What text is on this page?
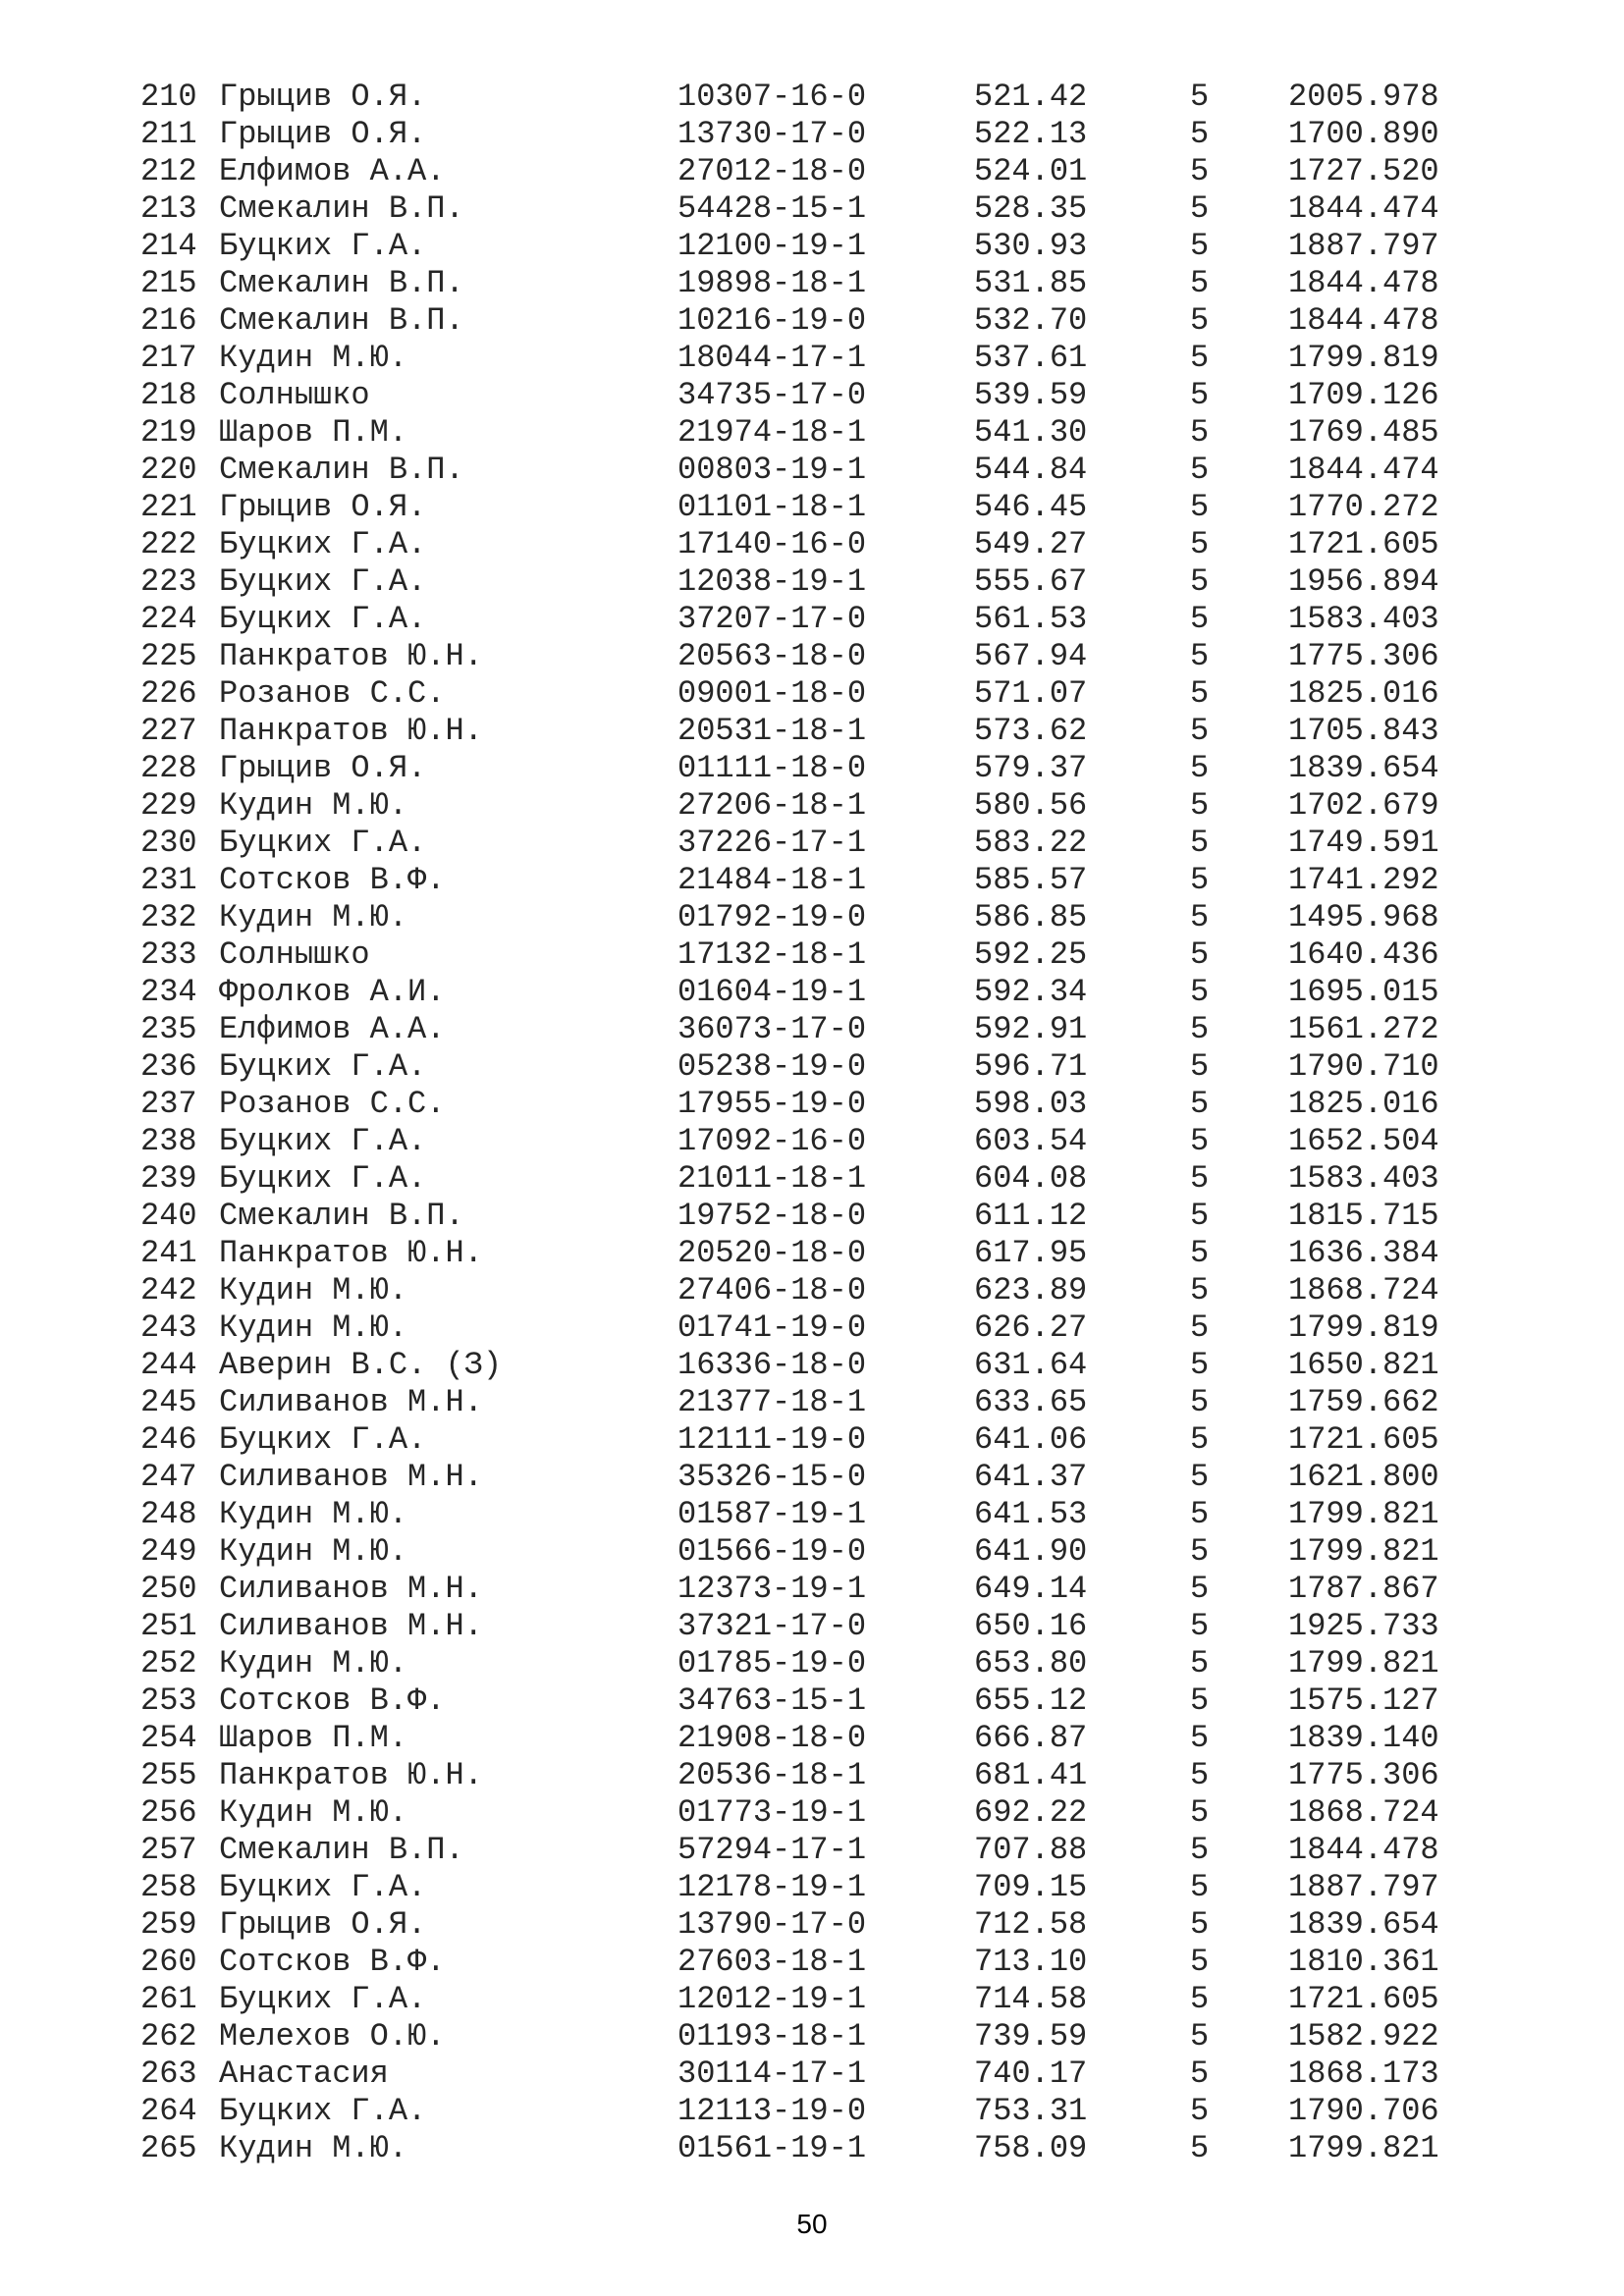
210 Грыцив О.Я.	10307-16-0	521.42	5	2005.978
211 Грыцив О.Я.	13730-17-0	522.13	5	1700.890
212 Елфимов А.А.	27012-18-0	524.01	5	1727.520
213 Смекалин В.П.	54428-15-1	528.35	5	1844.474
214 Буцких Г.А.	12100-19-1	530.93	5	1887.797
215 Смекалин В.П.	19898-18-1	531.85	5	1844.478
216 Смекалин В.П.	10216-19-0	532.70	5	1844.478
217 Кудин М.Ю.	18044-17-1	537.61	5	1799.819
218 Солнышко	34735-17-0	539.59	5	1709.126
219 Шаров П.М.	21974-18-1	541.30	5	1769.485
220 Смекалин В.П.	00803-19-1	544.84	5	1844.474
221 Грыцив О.Я.	01101-18-1	546.45	5	1770.272
222 Буцких Г.А.	17140-16-0	549.27	5	1721.605
223 Буцких Г.А.	12038-19-1	555.67	5	1956.894
224 Буцких Г.А.	37207-17-0	561.53	5	1583.403
225 Панкратов Ю.Н.	20563-18-0	567.94	5	1775.306
226 Розанов С.С.	09001-18-0	571.07	5	1825.016
227 Панкратов Ю.Н.	20531-18-1	573.62	5	1705.843
228 Грыцив О.Я.	01111-18-0	579.37	5	1839.654
229 Кудин М.Ю.	27206-18-1	580.56	5	1702.679
230 Буцких Г.А.	37226-17-1	583.22	5	1749.591
231 Сотсков В.Ф.	21484-18-1	585.57	5	1741.292
232 Кудин М.Ю.	01792-19-0	586.85	5	1495.968
233 Солнышко	17132-18-1	592.25	5	1640.436
234 Фролков А.И.	01604-19-1	592.34	5	1695.015
235 Елфимов А.А.	36073-17-0	592.91	5	1561.272
236 Буцких Г.А.	05238-19-0	596.71	5	1790.710
237 Розанов С.С.	17955-19-0	598.03	5	1825.016
238 Буцких Г.А.	17092-16-0	603.54	5	1652.504
239 Буцких Г.А.	21011-18-1	604.08	5	1583.403
240 Смекалин В.П.	19752-18-0	611.12	5	1815.715
241 Панкратов Ю.Н.	20520-18-0	617.95	5	1636.384
242 Кудин М.Ю.	27406-18-0	623.89	5	1868.724
243 Кудин М.Ю.	01741-19-0	626.27	5	1799.819
244 Аверин В.С. (З)	16336-18-0	631.64	5	1650.821
245 Силиванов М.Н.	21377-18-1	633.65	5	1759.662
246 Буцких Г.А.	12111-19-0	641.06	5	1721.605
247 Силиванов М.Н.	35326-15-0	641.37	5	1621.800
248 Кудин М.Ю.	01587-19-1	641.53	5	1799.821
249 Кудин М.Ю.	01566-19-0	641.90	5	1799.821
250 Силиванов М.Н.	12373-19-1	649.14	5	1787.867
251 Силиванов М.Н.	37321-17-0	650.16	5	1925.733
252 Кудин М.Ю.	01785-19-0	653.80	5	1799.821
253 Сотсков В.Ф.	34763-15-1	655.12	5	1575.127
254 Шаров П.М.	21908-18-0	666.87	5	1839.140
255 Панкратов Ю.Н.	20536-18-1	681.41	5	1775.306
256 Кудин М.Ю.	01773-19-1	692.22	5	1868.724
257 Смекалин В.П.	57294-17-1	707.88	5	1844.478
258 Буцких Г.А.	12178-19-1	709.15	5	1887.797
259 Грыцив О.Я.	13790-17-0	712.58	5	1839.654
260 Сотсков В.Ф.	27603-18-1	713.10	5	1810.361
261 Буцких Г.А.	12012-19-1	714.58	5	1721.605
262 Мелехов О.Ю.	01193-18-1	739.59	5	1582.922
263 Анастасия	30114-17-1	740.17	5	1868.173
264 Буцких Г.А.	12113-19-0	753.31	5	1790.706
265 Кудин М.Ю.	01561-19-1	758.09	5	1799.821
50
